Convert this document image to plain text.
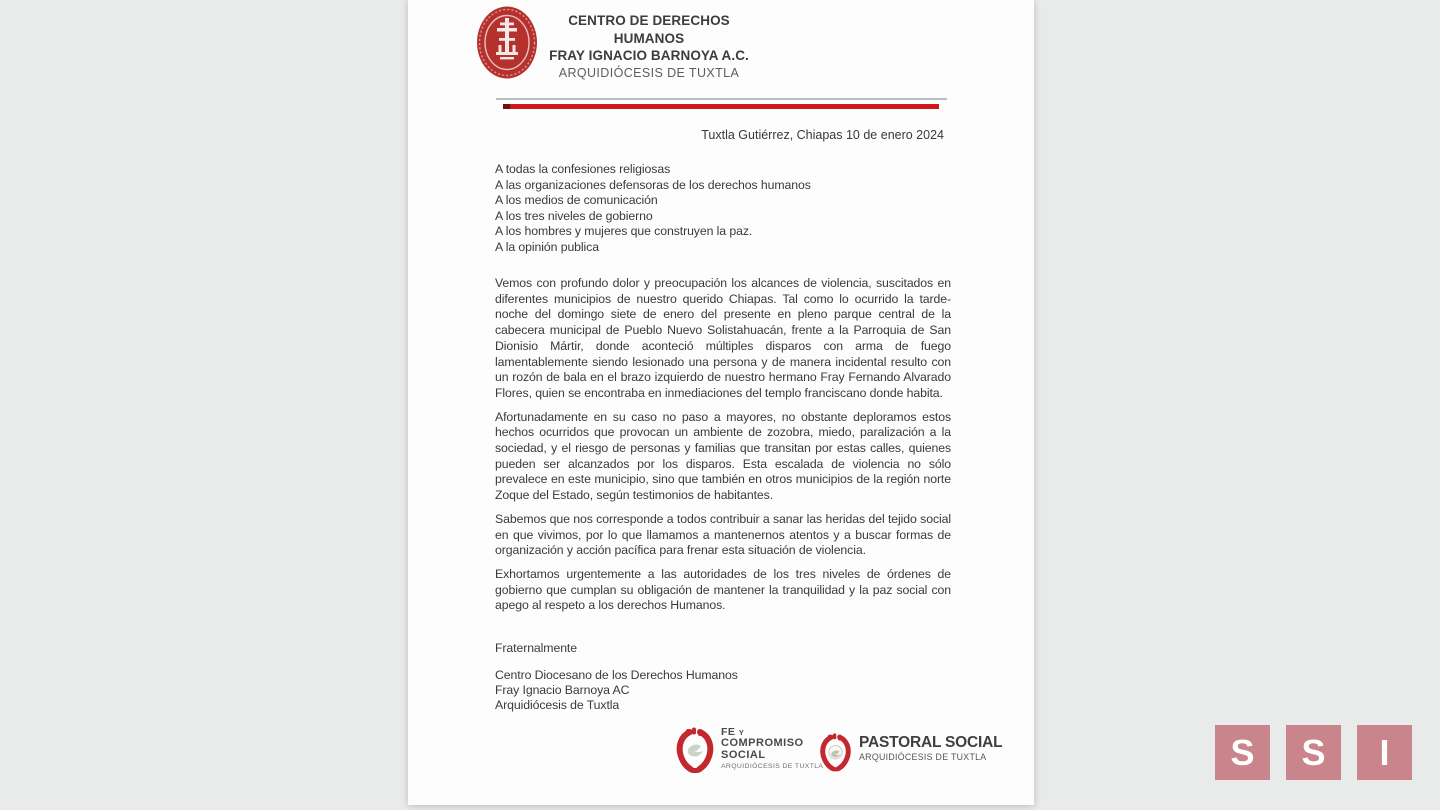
CENTRO DE DERECHOS HUMANOS
FRAY IGNACIO BARNOYA A.C.
ARQUIDIÓCESIS DE TUXTLA
Tuxtla Gutiérrez, Chiapas 10 de enero 2024
A todas la confesiones religiosas
A las organizaciones defensoras de los derechos humanos
A los medios de comunicación
A los tres niveles de gobierno
A los hombres y mujeres que construyen la paz.
A la opinión publica

Vemos con profundo dolor y preocupación los alcances de violencia, suscitados en diferentes municipios de nuestro querido Chiapas. Tal como lo ocurrido la tarde-noche del domingo siete de enero del presente en pleno parque central de la cabecera municipal de Pueblo Nuevo Solistahuacán, frente a la Parroquia de San Dionisio Mártir, donde aconteció múltiples disparos con arma de fuego lamentablemente siendo lesionado una persona y de manera incidental resulto con un rozón de bala en el brazo izquierdo de nuestro hermano Fray Fernando Alvarado Flores, quien se encontraba en inmediaciones del templo franciscano donde habita.

Afortunadamente en su caso no paso a mayores, no obstante deploramos estos hechos ocurridos que provocan un ambiente de zozobra, miedo, paralización a la sociedad, y el riesgo de personas y familias que transitan por estas calles, quienes pueden ser alcanzados por los disparos. Esta escalada de violencia no sólo prevalece en este municipio, sino que también en otros municipios de la región norte Zoque del Estado, según testimonios de habitantes.

Sabemos que nos corresponde a todos contribuir a sanar las heridas del tejido social en que vivimos, por lo que llamamos a mantenernos atentos y a buscar formas de organización y acción pacífica para frenar esta situación de violencia.

Exhortamos urgentemente a las autoridades de los tres niveles de órdenes de gobierno que cumplan su obligación de mantener la tranquilidad y la paz social con apego al respeto a los derechos Humanos.

Fraternalmente
Centro Diocesano de los Derechos Humanos
Fray Ignacio Barnoya AC
Arquidiócesis de Tuxtla
FE Y
COMPROMISO
SOCIAL
ARQUIDIÓCESIS DE TUXTLA
PASTORAL SOCIAL
ARQUIDIÓCESIS DE TUXTLA	S	S	I
